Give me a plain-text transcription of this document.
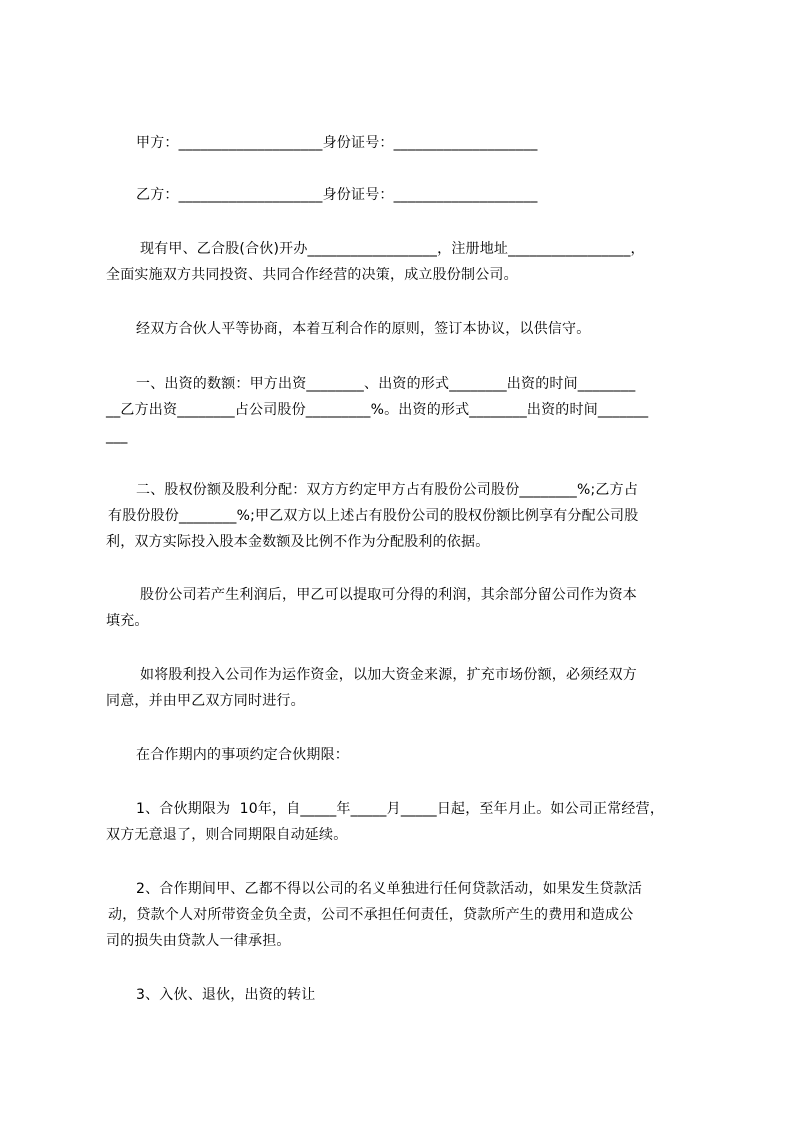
甲方：____________________身份证号：____________________
乙方：____________________身份证号：____________________
现有甲、乙合股(合伙)开办__________________，注册地址_________________，
全面实施双方共同投资、共同合作经营的决策，成立股份制公司。
经双方合伙人平等协商，本着互利合作的原则，签订本协议，以供信守。
一、出资的数额：甲方出资________、出资的形式________出资的时间________
__乙方出资________占公司股份_________%。出资的形式________出资的时间_______
___
二、股权份额及股利分配：双方方约定甲方占有股份公司股份________%;乙方占
有股份股份________%;甲乙双方以上述占有股份公司的股权份额比例享有分配公司股
利，双方实际投入股本金数额及比例不作为分配股利的依据。
股份公司若产生利润后，甲乙可以提取可分得的利润，其余部分留公司作为资本
填充。
如将股利投入公司作为运作资金，以加大资金来源，扩充市场份额，必须经双方
同意，并由甲乙双方同时进行。
在合作期内的事项约定合伙期限：
1、合伙期限为  10年，自_____年_____月_____日起，至年月止。如公司正常经营，
双方无意退了，则合同期限自动延续。
2、合作期间甲、乙都不得以公司的名义单独进行任何贷款活动，如果发生贷款活
动，贷款个人对所带资金负全责，公司不承担任何责任，贷款所产生的费用和造成公
司的损失由贷款人一律承担。
3、入伙、退伙，出资的转让
